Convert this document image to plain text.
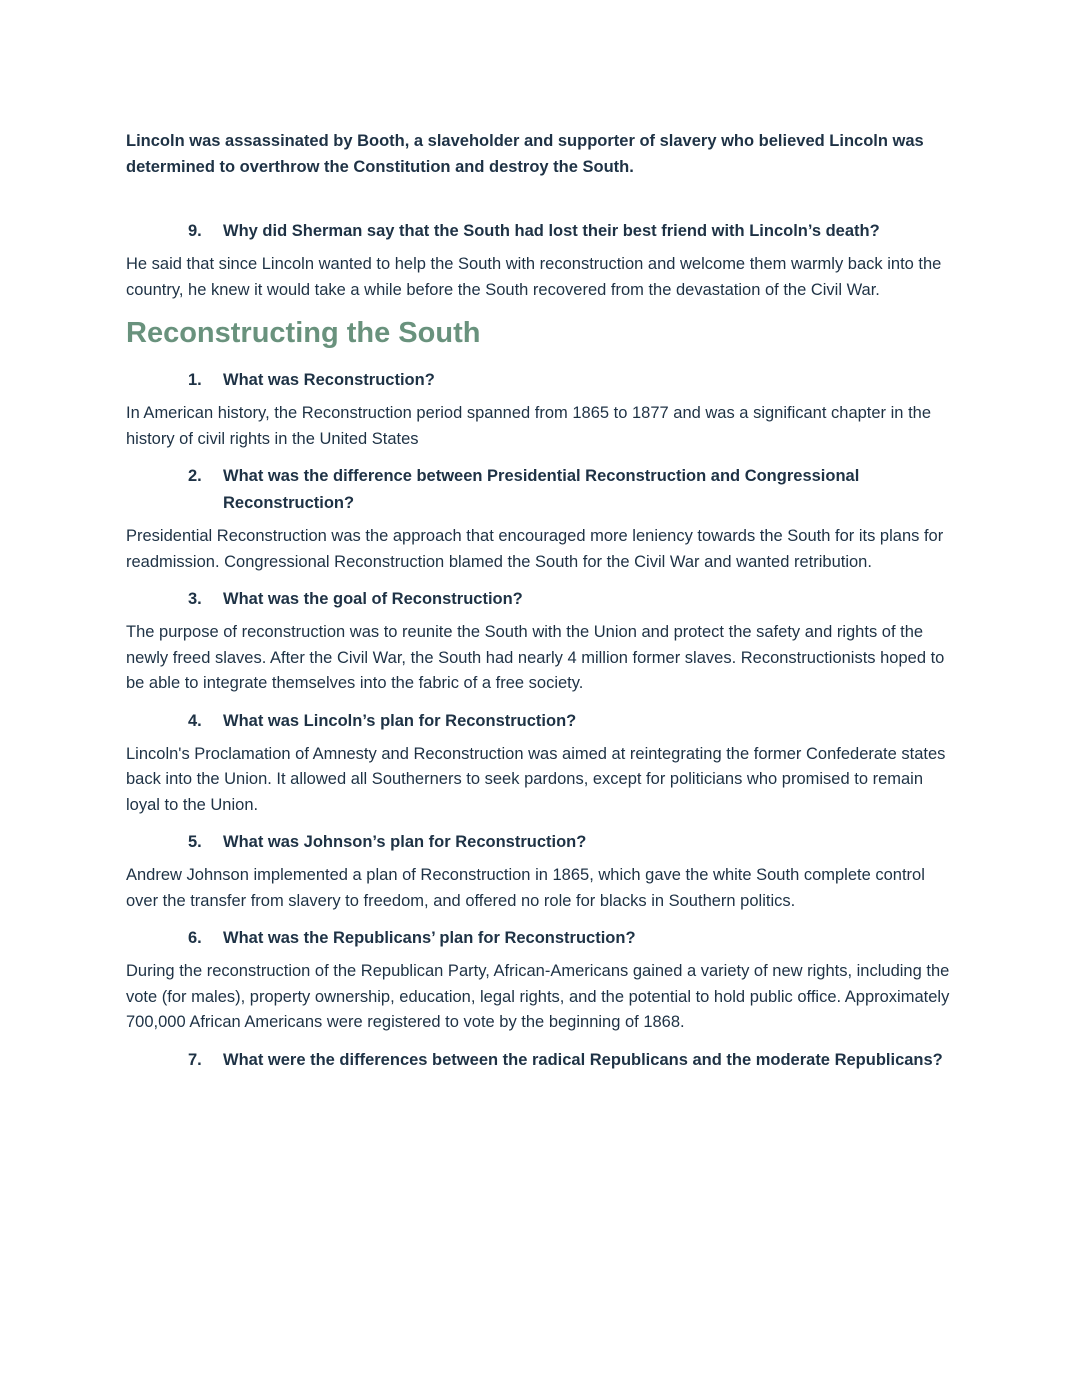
Lincoln was assassinated by Booth, a slaveholder and supporter of slavery who believed Lincoln was determined to overthrow the Constitution and destroy the South.

9.	Why did Sherman say that the South had lost their best friend with Lincoln’s death?

He said that since Lincoln wanted to help the South with reconstruction and welcome them warmly back into the country, he knew it would take a while before the South recovered from the devastation of the Civil War.

Reconstructing the South
1.	What was Reconstruction?

In American history, the Reconstruction period spanned from 1865 to 1877 and was a significant chapter in the history of civil rights in the United States

2.	What was the difference between Presidential Reconstruction and Congressional Reconstruction?

Presidential Reconstruction was the approach that encouraged more leniency towards the South for its plans for readmission. Congressional Reconstruction blamed the South for the Civil War and wanted retribution.

3.	What was the goal of Reconstruction?

The purpose of reconstruction was to reunite the South with the Union and protect the safety and rights of the newly freed slaves. After the Civil War, the South had nearly 4 million former slaves. Reconstructionists hoped to be able to integrate themselves into the fabric of a free society.

4.	What was Lincoln’s plan for Reconstruction?

Lincoln's Proclamation of Amnesty and Reconstruction was aimed at reintegrating the former Confederate states back into the Union. It allowed all Southerners to seek pardons, except for politicians who promised to remain loyal to the Union.

5.	What was Johnson’s plan for Reconstruction?

Andrew Johnson implemented a plan of Reconstruction in 1865, which gave the white South complete control over the transfer from slavery to freedom, and offered no role for blacks in Southern politics.

6.	What was the Republicans’ plan for Reconstruction?

During the reconstruction of the Republican Party, African-Americans gained a variety of new rights, including the vote (for males), property ownership, education, legal rights, and the potential to hold public office. Approximately 700,000 African Americans were registered to vote by the beginning of 1868.

7.	What were the differences between the radical Republicans and the moderate Republicans?
